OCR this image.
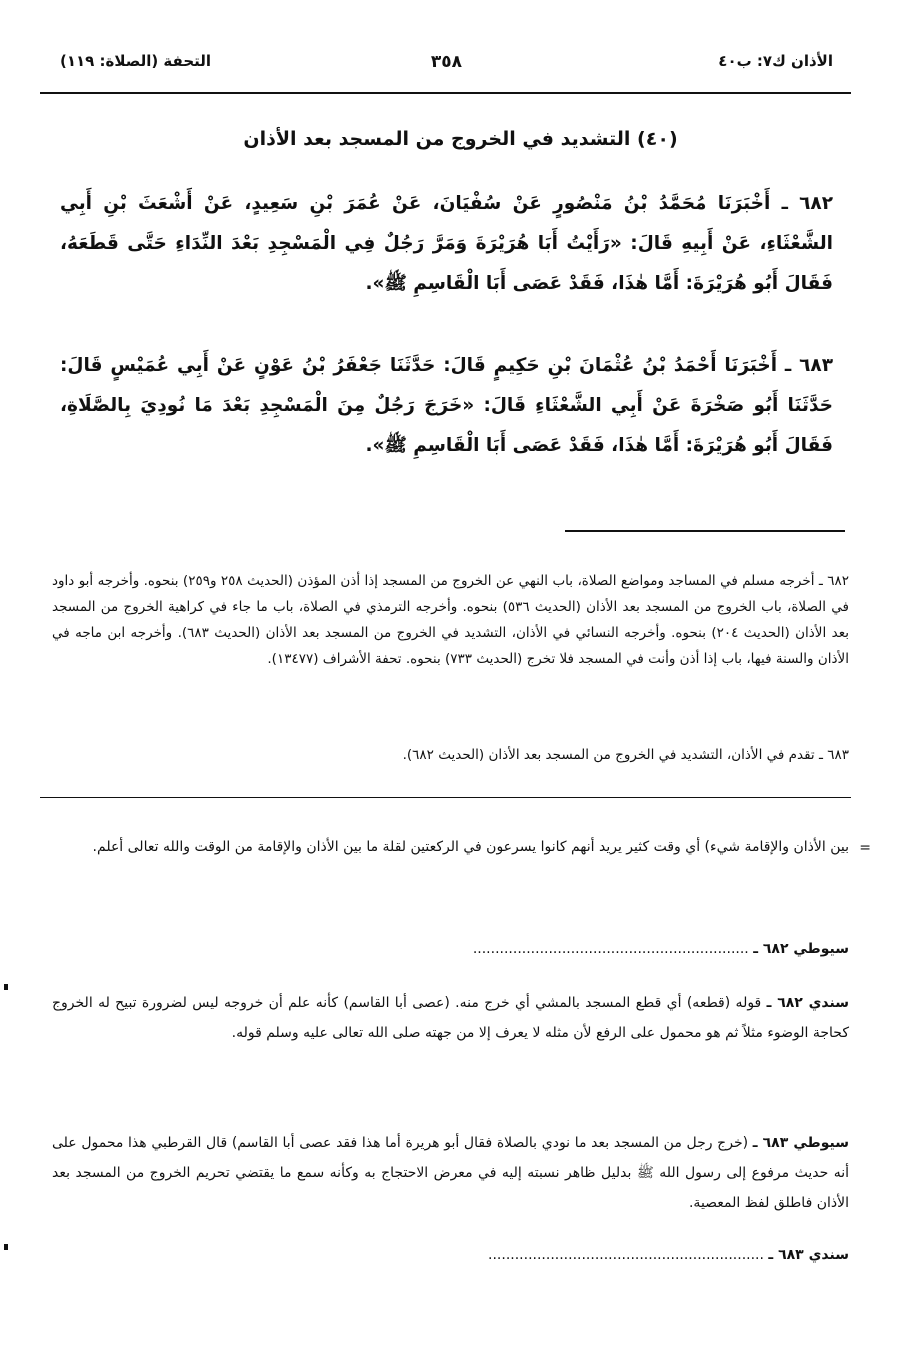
الأذان ك٧: ب٤٠
٣٥٨
التحفة (الصلاة: ١١٩)
(٤٠) التشديد في الخروج من المسجد بعد الأذان
٦٨٢ ـ أَخْبَرَنَا مُحَمَّدُ بْنُ مَنْصُورٍ عَنْ سُفْيَانَ، عَنْ عُمَرَ بْنِ سَعِيدٍ، عَنْ أَشْعَثَ بْنِ أَبِي الشَّعْثَاءِ، عَنْ أَبِيهِ قَالَ: «رَأَيْتُ أَبَا هُرَيْرَةَ وَمَرَّ رَجُلٌ فِي الْمَسْجِدِ بَعْدَ النِّدَاءِ حَتَّى قَطَعَهُ، فَقَالَ أَبُو هُرَيْرَةَ: أَمَّا هٰذَا، فَقَدْ عَصَى أَبَا الْقَاسِمِ ﷺ».
٦٨٣ ـ أَخْبَرَنَا أَحْمَدُ بْنُ عُثْمَانَ بْنِ حَكِيمٍ قَالَ: حَدَّثَنَا جَعْفَرُ بْنُ عَوْنٍ عَنْ أَبِي عُمَيْسٍ قَالَ: حَدَّثَنَا أَبُو صَخْرَةَ عَنْ أَبِي الشَّعْثَاءِ قَالَ: «خَرَجَ رَجُلٌ مِنَ الْمَسْجِدِ بَعْدَ مَا نُودِيَ بِالصَّلَاةِ، فَقَالَ أَبُو هُرَيْرَةَ: أَمَّا هٰذَا، فَقَدْ عَصَى أَبَا الْقَاسِمِ ﷺ».
٦٨٢ ـ أخرجه مسلم في المساجد ومواضع الصلاة، باب النهي عن الخروج من المسجد إذا أذن المؤذن (الحديث ٢٥٨ و٢٥٩) بنحوه. وأخرجه أبو داود في الصلاة، باب الخروج من المسجد بعد الأذان (الحديث ٥٣٦) بنحوه. وأخرجه الترمذي في الصلاة، باب ما جاء في كراهية الخروج من المسجد بعد الأذان (الحديث ٢٠٤) بنحوه. وأخرجه النسائي في الأذان، التشديد في الخروج من المسجد بعد الأذان (الحديث ٦٨٣). وأخرجه ابن ماجه في الأذان والسنة فيها، باب إذا أذن وأنت في المسجد فلا تخرج (الحديث ٧٣٣) بنحوه. تحفة الأشراف (١٣٤٧٧).
٦٨٣ ـ تقدم في الأذان، التشديد في الخروج من المسجد بعد الأذان (الحديث ٦٨٢).
=
بين الأذان والإقامة شيء) أي وقت كثير يريد أنهم كانوا يسرعون في الركعتين لقلة ما بين الأذان والإقامة من الوقت والله تعالى أعلم.
سيوطي ٦٨٢ ـ ..............................................................
سندي ٦٨٢ ـ قوله (قطعه) أي قطع المسجد بالمشي أي خرج منه. (عصى أبا القاسم) كأنه علم أن خروجه ليس لضرورة تبيح له الخروج كحاجة الوضوء مثلاً ثم هو محمول على الرفع لأن مثله لا يعرف إلا من جهته صلى الله تعالى عليه وسلم قوله.
سيوطي ٦٨٣ ـ (خرج رجل من المسجد بعد ما نودي بالصلاة فقال أبو هريرة أما هذا فقد عصى أبا القاسم) قال القرطبي هذا محمول على أنه حديث مرفوع إلى رسول الله ﷺ بدليل ظاهر نسبته إليه في معرض الاحتجاج به وكأنه سمع ما يقتضي تحريم الخروج من المسجد بعد الأذان فاطلق لفظ المعصية.
سندي ٦٨٣ ـ ..............................................................
